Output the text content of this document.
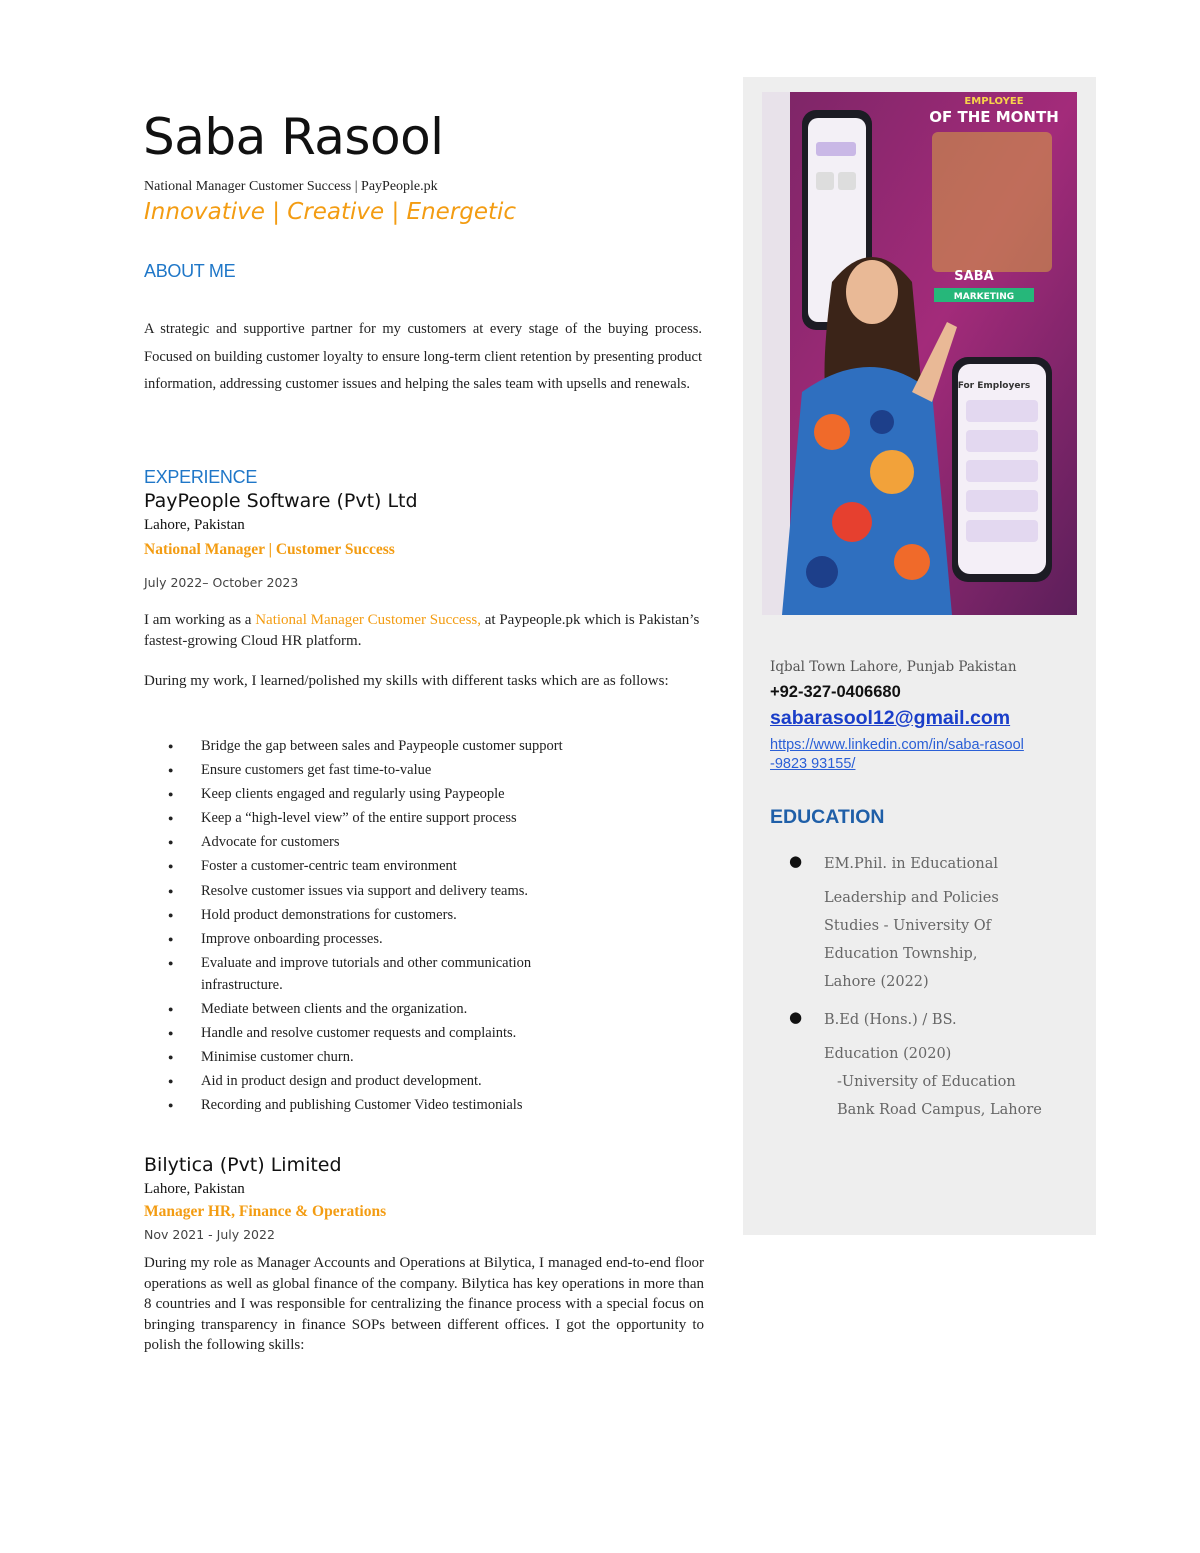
Saba Rasool
National Manager Customer Success | PayPeople.pk
Innovative | Creative | Energetic
ABOUT ME
A strategic and supportive partner for my customers at every stage of the buying process. Focused on building customer loyalty to ensure long-term client retention by presenting product information, addressing customer issues and helping the sales team with upsells and renewals.
EXPERIENCE
PayPeople Software (Pvt) Ltd
Lahore, Pakistan
National Manager | Customer Success
July 2022– October 2023
I am working as a National Manager Customer Success, at Paypeople.pk which is Pakistan’s fastest-growing Cloud HR platform.
During my work, I learned/polished my skills with different tasks which are as follows:
● Bridge the gap between sales and Paypeople customer support
● Ensure customers get fast time-to-value
● Keep clients engaged and regularly using Paypeople
● Keep a “high-level view” of the entire support process
● Advocate for customers
● Foster a customer-centric team environment
● Resolve customer issues via support and delivery teams.
● Hold product demonstrations for customers.
● Improve onboarding processes.
● Evaluate and improve tutorials and other communication infrastructure.
● Mediate between clients and the organization.
● Handle and resolve customer requests and complaints.
● Minimise customer churn.
● Aid in product design and product development.
● Recording and publishing Customer Video testimonials
Bilytica (Pvt) Limited
Lahore, Pakistan
Manager HR, Finance & Operations
Nov 2021 - July 2022
During my role as Manager Accounts and Operations at Bilytica, I managed end-to-end floor operations as well as global finance of the company. Bilytica has key operations in more than 8 countries and I was responsible for centralizing the finance process with a special focus on bringing transparency in finance SOPs between different offices. I got the opportunity to polish the following skills:
EMPLOYEE
OF THE MONTH
SABA
MARKETING
For Employers
Iqbal Town Lahore, Punjab Pakistan
+92-327-0406680
sabarasool12@gmail.com
https://www.linkedin.com/in/saba-rasool
-9823 93155/
EDUCATION
● EM.Phil. in Educational
Leadership and Policies
Studies - University Of
Education Township,
Lahore (2022)
● B.Ed (Hons.) / BS.
Education (2020)
-University of Education
Bank Road Campus, Lahore
